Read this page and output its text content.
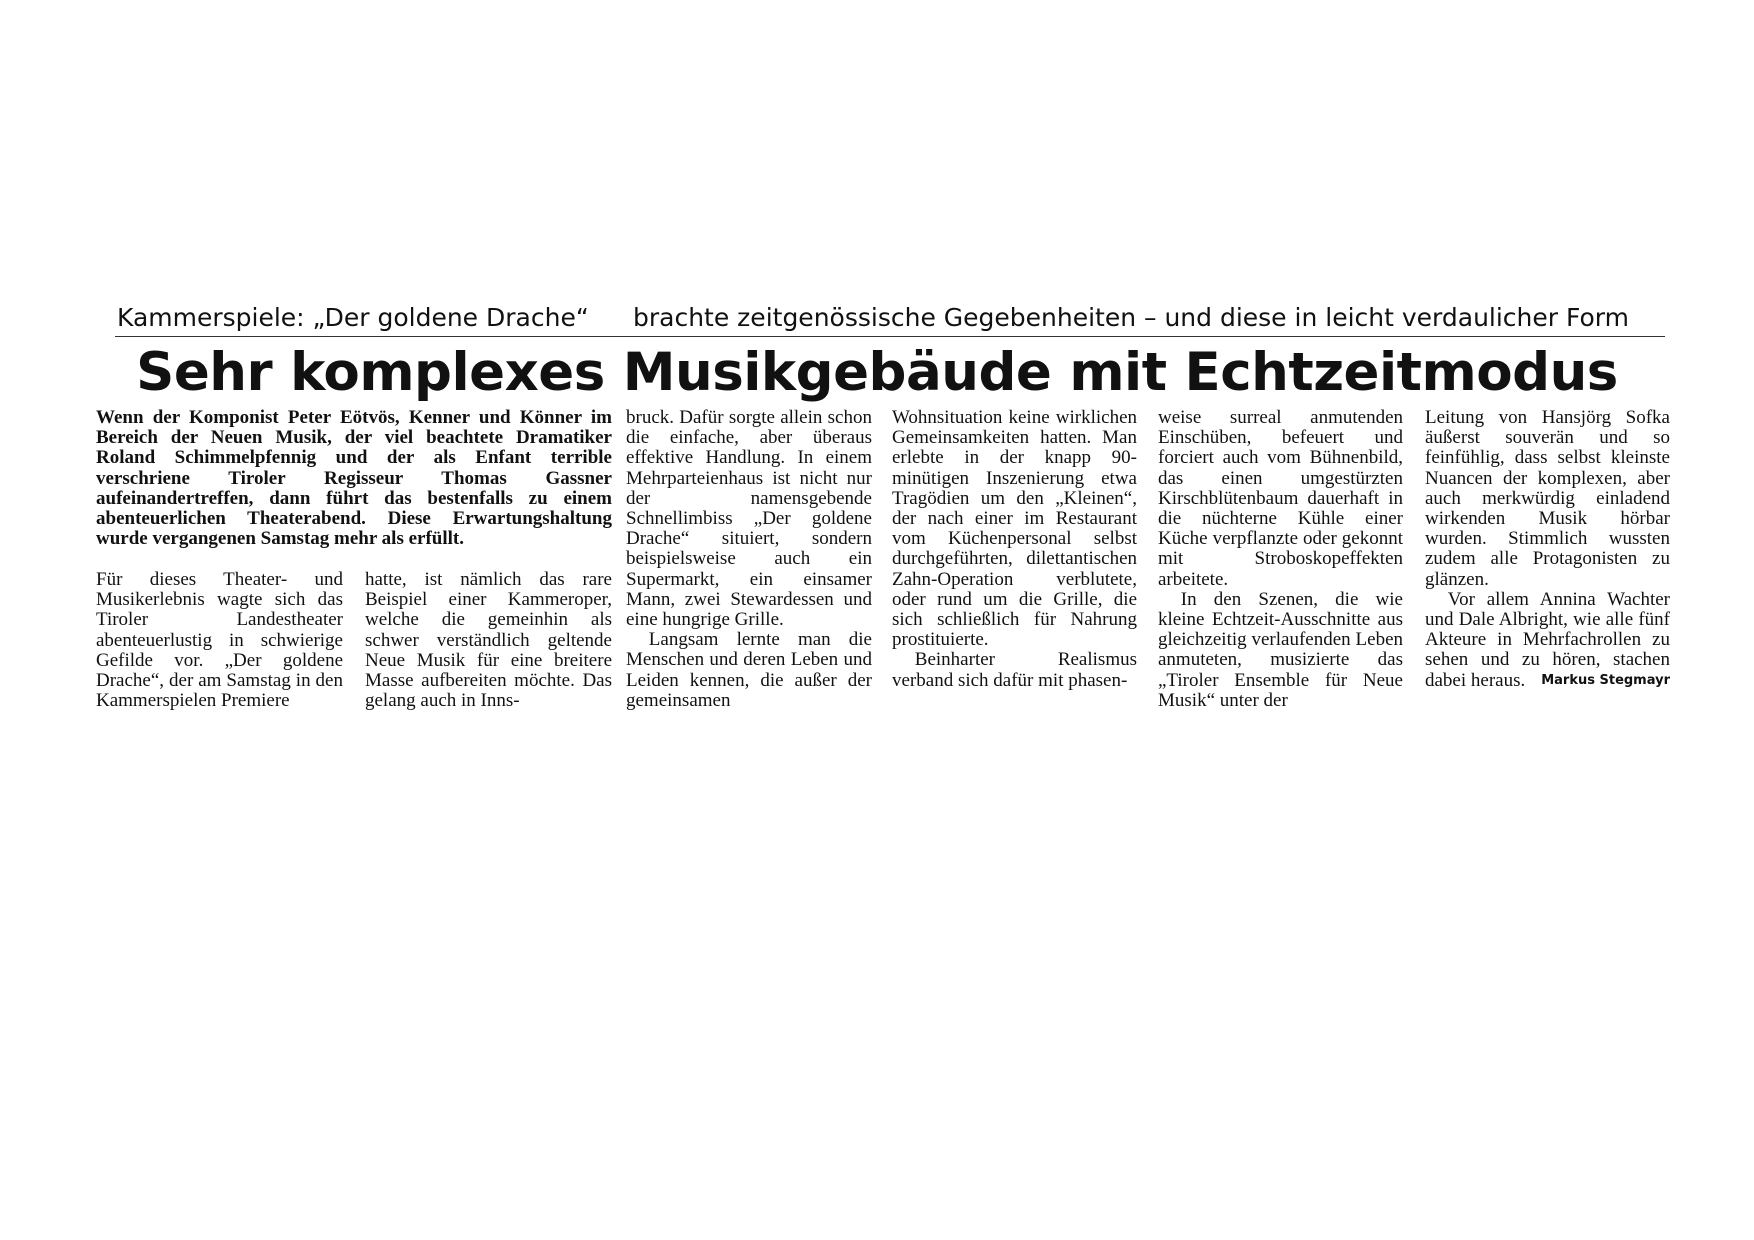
Kammerspiele: „Der goldene Drache“ brachte zeitgenössische Gegebenheiten – und diese in leicht verdaulicher Form
Sehr komplexes Musikgebäude mit Echtzeitmodus
Wenn der Komponist Peter Eötvös, Kenner und Könner im Bereich der Neuen Musik, der viel beachtete Dramatiker Roland Schimmelpfennig und der als Enfant terrible verschriene Tiroler Regisseur Thomas Gassner aufeinandertreffen, dann führt das bestenfalls zu einem abenteuerlichen Theaterabend. Diese Erwartungshaltung wurde vergangenen Samstag mehr als erfüllt.

Für dieses Theater- und Musikerlebnis wagte sich das Tiroler Landestheater abenteuerlustig in schwierige Gefilde vor. „Der goldene Drache“, der am Samstag in den Kammerspielen Premiere

hatte, ist nämlich das rare Beispiel einer Kammeroper, welche die gemeinhin als schwer verständlich geltende Neue Musik für eine breitere Masse aufbereiten möchte. Das gelang auch in Inns-

bruck. Dafür sorgte allein schon die einfache, aber überaus effektive Handlung. In einem Mehrparteienhaus ist nicht nur der namensgebende Schnellimbiss „Der goldene Drache“ situiert, sondern beispielsweise auch ein Supermarkt, ein einsamer Mann, zwei Stewardessen und eine hungrige Grille.

Langsam lernte man die Menschen und deren Leben und Leiden kennen, die außer der gemeinsamen

Wohnsituation keine wirklichen Gemeinsamkeiten hatten. Man erlebte in der knapp 90-minütigen Inszenierung etwa Tragödien um den „Kleinen“, der nach einer im Restaurant vom Küchenpersonal selbst durchgeführten, dilettantischen Zahn-Operation verblutete, oder rund um die Grille, die sich schließlich für Nahrung prostituierte.

Beinharter Realismus verband sich dafür mit phasen-

weise surreal anmutenden Einschüben, befeuert und forciert auch vom Bühnenbild, das einen umgestürzten Kirschblütenbaum dauerhaft in die nüchterne Kühle einer Küche verpflanzte oder gekonnt mit Stroboskopeffekten arbeitete.

In den Szenen, die wie kleine Echtzeit-Ausschnitte aus gleichzeitig verlaufenden Leben anmuteten, musizierte das „Tiroler Ensemble für Neue Musik“ unter der

Leitung von Hansjörg Sofka äußerst souverän und so feinfühlig, dass selbst kleinste Nuancen der komplexen, aber auch merkwürdig einladend wirkenden Musik hörbar wurden. Stimmlich wussten zudem alle Protagonisten zu glänzen.

Vor allem Annina Wachter und Dale Albright, wie alle fünf Akteure in Mehrfachrollen zu sehen und zu hören, stachen dabei heraus.	Markus Stegmayr
